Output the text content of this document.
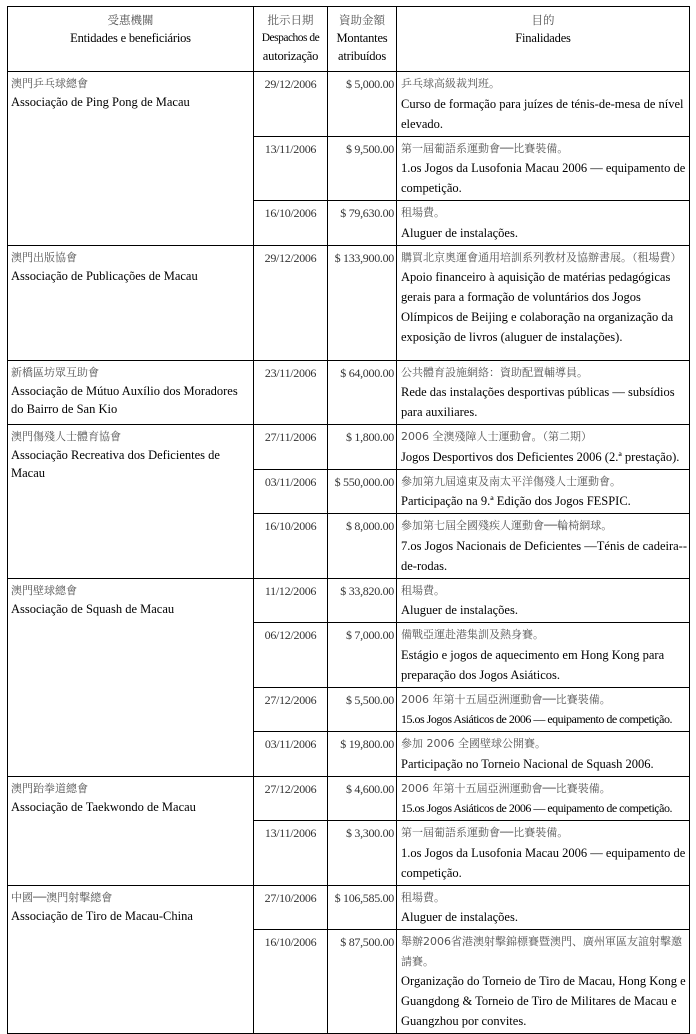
受惠機關
Entidades e beneficiários	批示日期
Despachos de
autorização	資助金額
Montantes
atribuídos	目的
Finalidades

澳門乒乓球總會
Associação de Ping Pong de Macau	29/12/2006	$ 5,000.00	乒乓球高級裁判班。
Curso de formação para juízes de ténis-de-mesa de nível elevado.

	13/11/2006	$ 9,500.00	第一屆葡語系運動會──比賽裝備。
1.os Jogos da Lusofonia Macau 2006 — equipamento de competição.

	16/10/2006	$ 79,630.00	租場費。
Aluguer de instalações.

澳門出版協會
Associação de Publicações de Macau	29/12/2006	$ 133,900.00	購買北京奧運會通用培訓系列教材及協辦書展。（租場費）
Apoio financeiro à aquisição de matérias pedagógicas gerais para a formação de voluntários dos Jogos Olímpicos de Beijing e colaboração na organização da exposição de livros (aluguer de instalações).

新橋區坊眾互助會
Associação de Mútuo Auxílio dos Moradores do Bairro de San Kio	23/11/2006	$ 64,000.00	公共體育設施網絡：資助配置輔導員。
Rede das instalações desportivas públicas — subsídios para auxiliares.

澳門傷殘人士體育協會
Associação Recreativa dos Deficientes de Macau	27/11/2006	$ 1,800.00	2006 全澳殘障人士運動會。（第二期）
Jogos Desportivos dos Deficientes 2006 (2.ª prestação).

	03/11/2006	$ 550,000.00	參加第九屆遠東及南太平洋傷殘人士運動會。
Participação na 9.ª Edição dos Jogos FESPIC.

	16/10/2006	$ 8,000.00	參加第七屆全國殘疾人運動會──輪椅網球。
7.os Jogos Nacionais de Deficientes —Ténis de cadeira--de-rodas.

澳門壁球總會
Associação de Squash de Macau	11/12/2006	$ 33,820.00	租場費。
Aluguer de instalações.

	06/12/2006	$ 7,000.00	備戰亞運赴港集訓及熱身賽。
Estágio e jogos de aquecimento em Hong Kong para preparação dos Jogos Asiáticos.

	27/12/2006	$ 5,500.00	2006 年第十五屆亞洲運動會──比賽裝備。
15.os Jogos Asiáticos de 2006 — equipamento de competição.

	03/11/2006	$ 19,800.00	參加 2006 全國壁球公開賽。
Participação no Torneio Nacional de Squash 2006.

澳門跆拳道總會
Associação de Taekwondo de Macau	27/12/2006	$ 4,600.00	2006 年第十五屆亞洲運動會──比賽裝備。
15.os Jogos Asiáticos de 2006 — equipamento de competição.

	13/11/2006	$ 3,300.00	第一屆葡語系運動會──比賽裝備。
1.os Jogos da Lusofonia Macau 2006 — equipamento de competição.

中國──澳門射擊總會
Associação de Tiro de Macau-China	27/10/2006	$ 106,585.00	租場費。
Aluguer de instalações.

	16/10/2006	$ 87,500.00	舉辦2006省港澳射擊錦標賽暨澳門、廣州軍區友誼射擊邀請賽。
Organização do Torneio de Tiro de Macau, Hong Kong e Guangdong & Torneio de Tiro de Militares de Macau e Guangzhou por convites.
